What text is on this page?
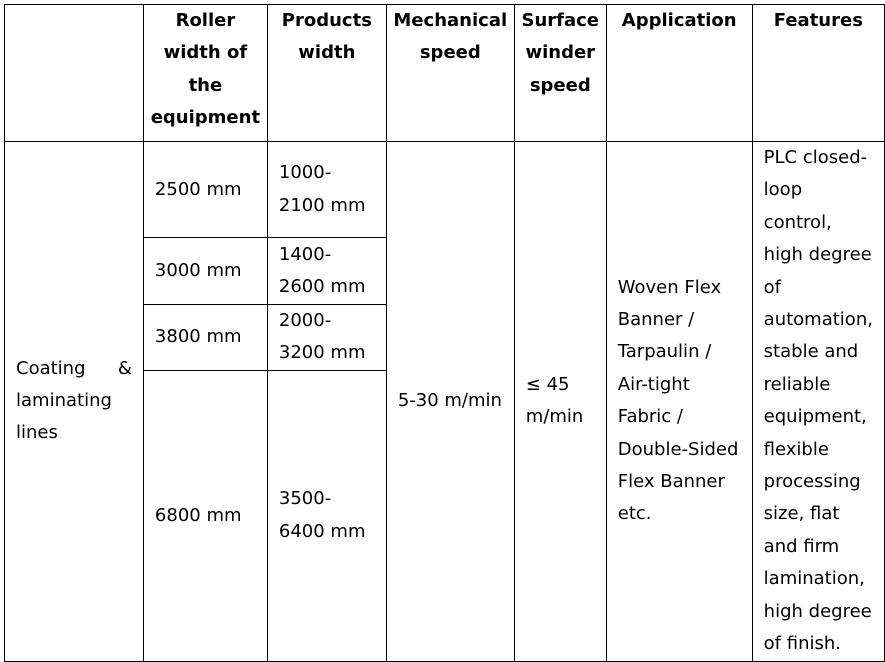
	Roller width of the equipment	Products width	Mechanical speed	Surface winder speed	Application	Features

Coating &
laminating lines	2500 mm	1000-2100 mm	5-30 m/min	≤ 45 m/min	Woven Flex Banner / Tarpaulin / Air-tight Fabric / Double-Sided Flex Banner etc.	PLC closed-loop control, high degree of automation, stable and reliable equipment, flexible processing size, flat and firm lamination, high degree of finish.
	3000 mm	1400-2600 mm				
	3800 mm	2000-3200 mm				
	6800 mm	3500-6400 mm				
